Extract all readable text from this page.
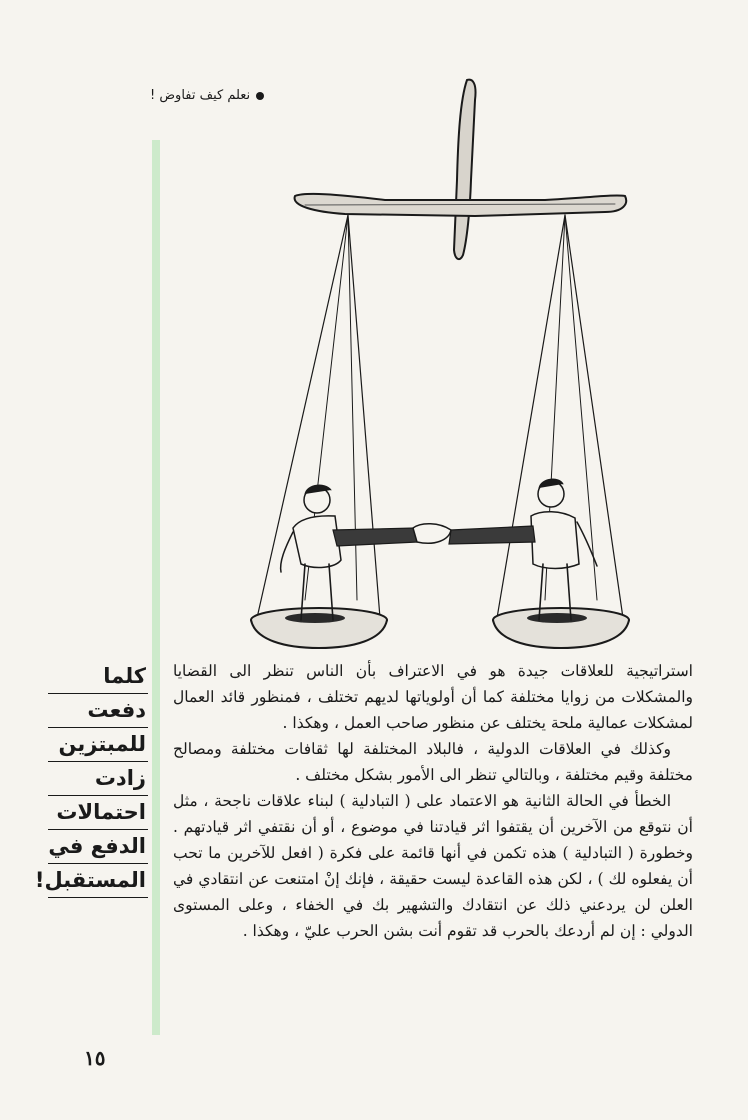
نعلم كيف تفاوض !
كلما
دفعت
للمبتزين
زادت
احتمالات
الدفع في
المستقبل!

استراتيجية للعلاقات جيدة هو في الاعتراف بأن الناس تنظر الى القضايا والمشكلات من زوايا مختلفة كما أن أولوياتها لديهم تختلف ، فمنظور قائد العمال لمشكلات عمالية ملحة يختلف عن منظور صاحب العمل ، وهكذا .

وكذلك في العلاقات الدولية ، فالبلاد المختلفة لها ثقافات مختلفة ومصالح مختلفة وقيم مختلفة ، وبالتالي تنظر الى الأمور بشكل مختلف .

الخطأ في الحالة الثانية هو الاعتماد على ( التبادلية ) لبناء علاقات ناجحة ، مثل أن نتوقع من الآخرين أن يقتفوا اثر قيادتنا في موضوع ، أو أن نقتفي اثر قيادتهم . وخطورة ( التبادلية ) هذه تكمن في أنها قائمة على فكرة ( افعل للآخرين ما تحب أن يفعلوه لك ) ، لكن هذه القاعدة ليست حقيقة ، فإنك إنْ امتنعت عن انتقادي في العلن لن يردعني ذلك عن انتقادك والتشهير بك في الخفاء ، وعلى المستوى الدولي : إن لم أردعك بالحرب قد تقوم أنت بشن الحرب عليّ ، وهكذا .

١٥
